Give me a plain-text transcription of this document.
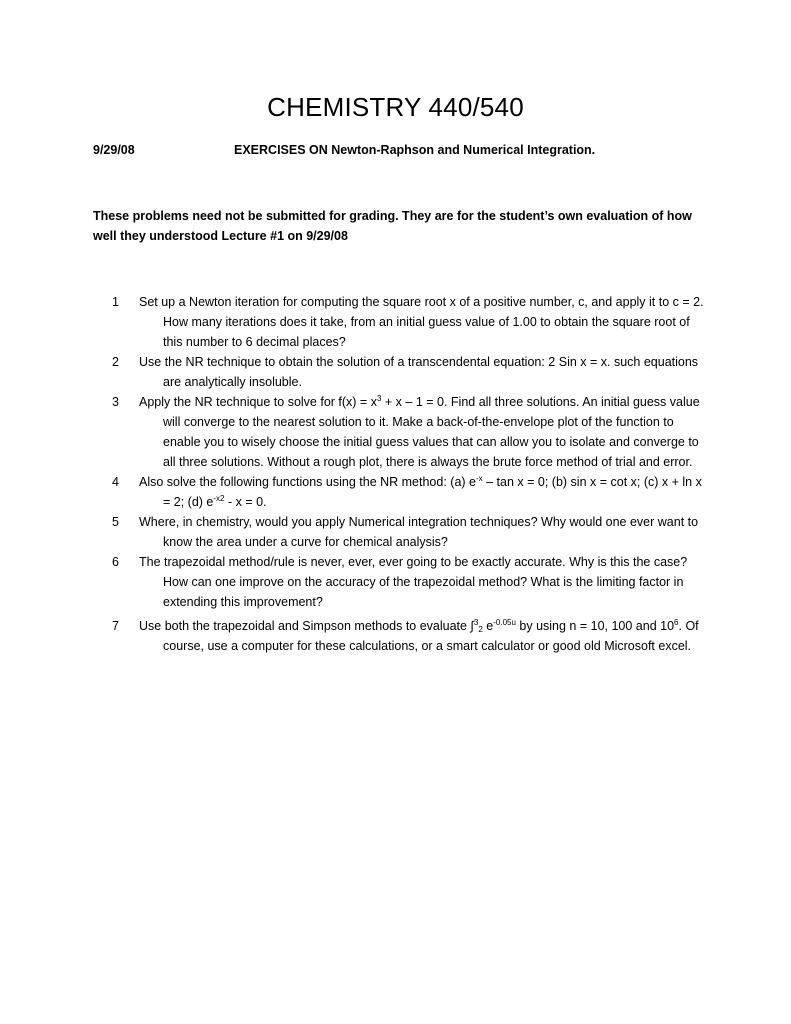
CHEMISTRY 440/540
9/29/08	EXERCISES ON Newton-Raphson and Numerical Integration.
These problems need not be submitted for grading. They are for the student’s own evaluation of how well they understood Lecture #1 on 9/29/08
1	Set up a Newton iteration for computing the square root x of a positive number, c, and apply it to c = 2. How many iterations does it take, from an initial guess value of 1.00 to obtain the square root of this number to 6 decimal places?
2	Use the NR technique to obtain the solution of a transcendental equation: 2 Sin x = x. such equations are analytically insoluble.
3	Apply the NR technique to solve for $f(x) = x^3 + x - 1 = 0$. Find all three solutions. An initial guess value will converge to the nearest solution to it. Make a back-of-the-envelope plot of the function to enable you to wisely choose the initial guess values that can allow you to isolate and converge to all three solutions. Without a rough plot, there is always the brute force method of trial and error.
4	Also solve the following functions using the NR method: (a) $e^{-x} - \tan x = 0$; (b) sin x = cot x; (c) x + ln x = 2; (d) $e^{-x2} - x = 0$.
5	Where, in chemistry, would you apply Numerical integration techniques? Why would one ever want to know the area under a curve for chemical analysis?
6	The trapezoidal method/rule is never, ever, ever going to be exactly accurate. Why is this the case? How can one improve on the accuracy of the trapezoidal method? What is the limiting factor in extending this improvement?
7	Use both the trapezoidal and Simpson methods to evaluate ∫$^3_2$ $e^{-0.05u}$ by using n = 10, 100 and $10^6$. Of course, use a computer for these calculations, or a smart calculator or good old Microsoft excel.
